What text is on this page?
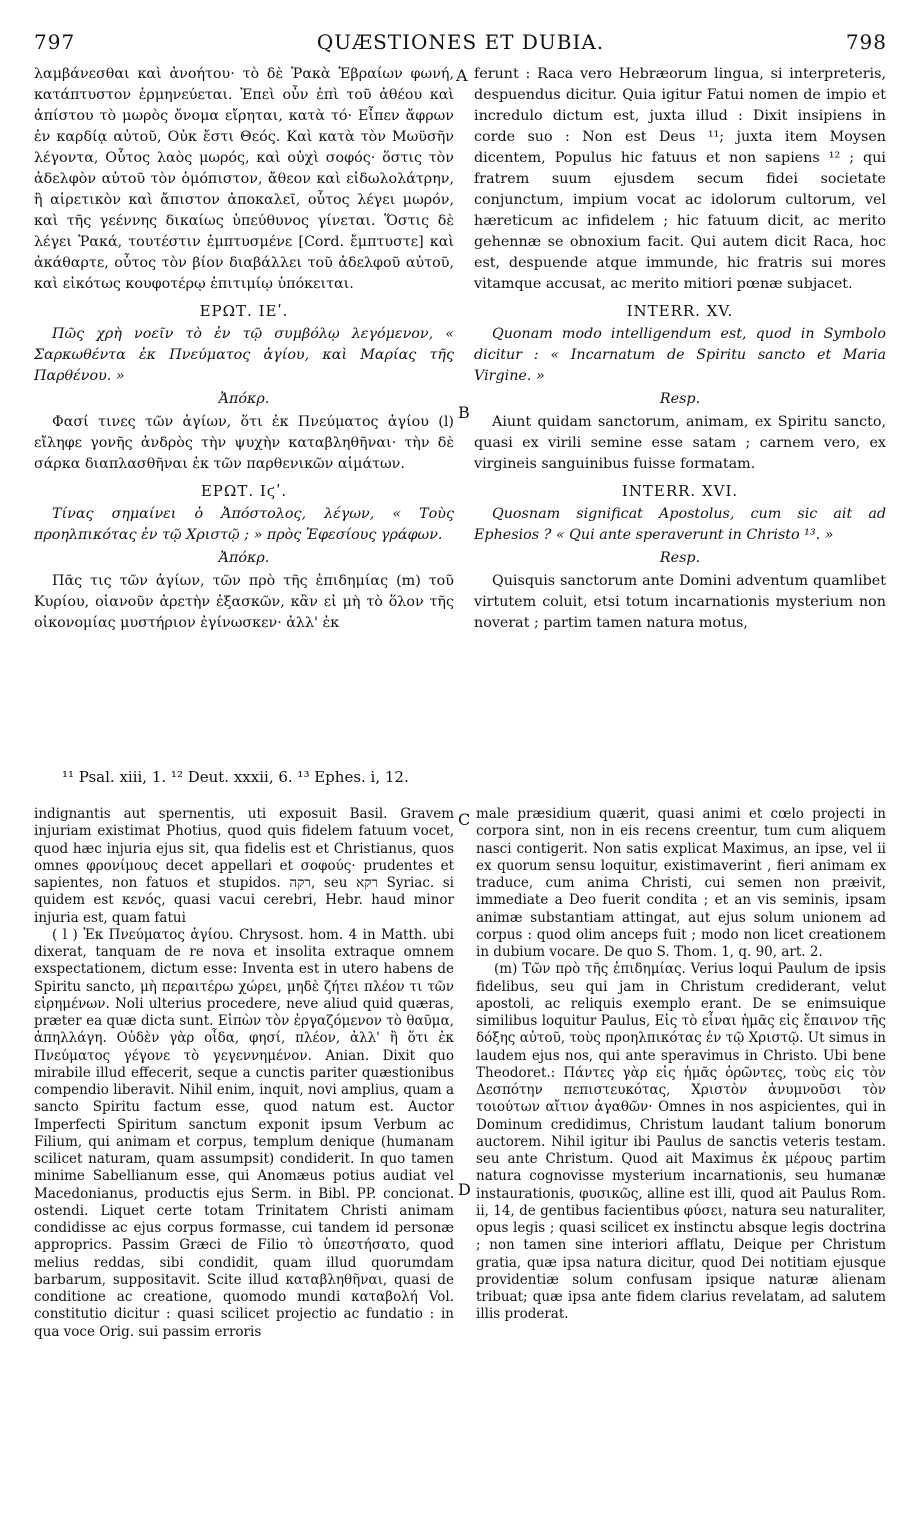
797	QUÆSTIONES ET DUBIA.	798

λαμβάνεσθαι καὶ ἀνοήτου· τὸ δὲ Ῥακὰ Ἑβραίων φωνή, κατάπτυστον ἑρμηνεύεται. Ἐπεὶ οὖν ἐπὶ τοῦ ἀθέου καὶ ἀπίστου τὸ μωρὸς ὄνομα εἴρηται, κατὰ τό· Εἶπεν ἄφρων ἐν καρδίᾳ αὐτοῦ, Οὐκ ἔστι Θεός. Καὶ κατὰ τὸν Μωϋσῆν λέγοντα, Οὗτος λαὸς μωρός, καὶ οὐχὶ σοφός· ὅστις τὸν ἀδελφὸν αὐτοῦ τὸν ὁμόπιστον, ἄθεον καὶ εἰδωλολάτρην, ἢ αἱρετικὸν καὶ ἄπιστον ἀποκαλεῖ, οὗτος λέγει μωρόν, καὶ τῆς γεέννης δικαίως ὑπεύθυνος γίνεται. Ὅστις δὲ λέγει Ῥακά, τουτέστιν ἐμπτυσμένε [Cord. ἔμπτυστε] καὶ ἀκάθαρτε, οὗτος τὸν βίον διαβάλλει τοῦ ἀδελφοῦ αὐτοῦ, καὶ εἰκότως κουφοτέρῳ ἐπιτιμίῳ ὑπόκειται.

ΕΡΩΤ. ΙΕʹ.

Πῶς χρὴ νοεῖν τὸ ἐν τῷ συμβόλῳ λεγόμενον, « Σαρκωθέντα ἐκ Πνεύματος ἁγίου, καὶ Μαρίας τῆς Παρθένου. »

Ἀπόκρ.

Φασί τινες τῶν ἁγίων, ὅτι ἐκ Πνεύματος ἁγίου (l) εἴληφε γονῆς ἀνδρὸς τὴν ψυχὴν καταβληθῆναι· τὴν δὲ σάρκα διαπλασθῆναι ἐκ τῶν παρθενικῶν αἱμάτων.

ΕΡΩΤ. Ιϛʹ.

Τίνας σημαίνει ὁ Ἀπόστολος, λέγων, « Τοὺς προηλπικότας ἐν τῷ Χριστῷ ; » πρὸς Ἐφεσίους γράφων.

Ἀπόκρ.

Πᾶς τις τῶν ἁγίων, τῶν πρὸ τῆς ἐπιδημίας (m) τοῦ Κυρίου, οἱανοῦν ἀρετὴν ἐξασκῶν, κἂν εἰ μὴ τὸ ὅλον τῆς οἰκονομίας μυστήριον ἐγίνωσκεν· ἀλλ' ἐκ

ferunt : Raca vero Hebræorum lingua, si interpreteris, despuendus dicitur. Quia igitur Fatui nomen de impio et incredulo dictum est, juxta illud : Dixit insipiens in corde suo : Non est Deus ¹¹; juxta item Moysen dicentem, Populus hic fatuus et non sapiens ¹² ; qui fratrem suum ejusdem secum fidei societate conjunctum, impium vocat ac idolorum cultorum, vel hæreticum ac infidelem ; hic fatuum dicit, ac merito gehennæ se obnoxium facit. Qui autem dicit Raca, hoc est, despuende atque immunde, hic fratris sui mores vitamque accusat, ac merito mitiori pœnæ subjacet.

INTERR. XV.

Quonam modo intelligendum est, quod in Symbolo dicitur : « Incarnatum de Spiritu sancto et Maria Virgine. »

Resp.

Aiunt quidam sanctorum, animam, ex Spiritu sancto, quasi ex virili semine esse satam ; carnem vero, ex virgineis sanguinibus fuisse formatam.

INTERR. XVI.

Quosnam significat Apostolus, cum sic ait ad Ephesios ? « Qui ante speraverunt in Christo ¹³. »

Resp.

Quisquis sanctorum ante Domini adventum quamlibet virtutem coluit, etsi totum incarnationis mysterium non noverat ; partim tamen natura motus,

A
B
C
D
¹¹ Psal. xiii, 1. ¹² Deut. xxxii, 6. ¹³ Ephes. i, 12.

indignantis aut spernentis, uti exposuit Basil. Gravem injuriam existimat Photius, quod quis fidelem fatuum vocet, quod hæc injuria ejus sit, qua fidelis est et Christianus, quos omnes φρονίμους decet appellari et σοφούς· prudentes et sapientes, non fatuos et stupidos. רקה, seu רקא Syriac. si quidem est κενός, quasi vacui cerebri, Hebr. haud minor injuria est, quam fatui

( l ) Ἐκ Πνεύματος ἁγίου. Chrysost. hom. 4 in Matth. ubi dixerat, tanquam de re nova et insolita extraque omnem exspectationem, dictum esse: Inventa est in utero habens de Spiritu sancto, μὴ περαιτέρω χώρει, μηδὲ ζήτει πλέον τι τῶν εἰρημένων. Noli ulterius procedere, neve aliud quid quæras, præter ea quæ dicta sunt. Εἰπὼν τὸν ἐργαζόμενον τὸ θαῦμα, ἀπηλλάγη. Οὐδὲν γὰρ οἶδα, φησί, πλέον, ἀλλ' ἢ ὅτι ἐκ Πνεύματος γέγονε τὸ γεγεννημένον. Anian. Dixit quo mirabile illud effecerit, seque a cunctis pariter quæstionibus compendio liberavit. Nihil enim, inquit, novi amplius, quam a sancto Spiritu factum esse, quod natum est. Auctor Imperfecti Spiritum sanctum exponit ipsum Verbum ac Filium, qui animam et corpus, templum denique (humanam scilicet naturam, quam assumpsit) condiderit. In quo tamen minime Sabellianum esse, qui Anomæus potius audiat vel Macedonianus, productis ejus Serm. in Bibl. PP. concionat. ostendi. Liquet certe totam Trinitatem Christi animam condidisse ac ejus corpus formasse, cui tandem id personæ approprics. Passim Græci de Filio τὸ ὑπεστήσατο, quod melius reddas, sibi condidit, quam illud quorumdam barbarum, suppositavit. Scite illud καταβληθῆναι, quasi de conditione ac creatione, quomodo mundi καταβολή Vol. constitutio dicitur : quasi scilicet projectio ac fundatio : in qua voce Orig. sui passim erroris

male præsidium quærit, quasi animi et cœlo projecti in corpora sint, non in eis recens creentur, tum cum aliquem nasci contigerit. Non satis explicat Maximus, an ipse, vel ii ex quorum sensu loquitur, existimaverint , fieri animam ex traduce, cum anima Christi, cui semen non præivit, immediate a Deo fuerit condita ; et an vis seminis, ipsam animæ substantiam attingat, aut ejus solum unionem ad corpus : quod olim anceps fuit ; modo non licet creationem in dubium vocare. De quo S. Thom. 1, q. 90, art. 2.

(m) Τῶν πρὸ τῆς ἐπιδημίας. Verius loqui Paulum de ipsis fidelibus, seu qui jam in Christum crediderant, velut apostoli, ac reliquis exemplo erant. De se enimsuique similibus loquitur Paulus, Εἰς τὸ εἶναι ἡμᾶς εἰς ἔπαινον τῆς δόξης αὐτοῦ, τοὺς προηλπικότας ἐν τῷ Χριστῷ. Ut simus in laudem ejus nos, qui ante speravimus in Christo. Ubi bene Theodoret.: Πάντες γὰρ εἰς ἡμᾶς ὁρῶντες, τοὺς εἰς τὸν Δεσπότην πεπιστευκότας, Χριστὸν ἀνυμνοῦσι τὸν τοιούτων αἴτιον ἀγαθῶν· Omnes in nos aspicientes, qui in Dominum credidimus, Christum laudant talium bonorum auctorem. Nihil igitur ibi Paulus de sanctis veteris testam. seu ante Christum. Quod ait Maximus ἐκ μέρους partim natura cognovisse mysterium incarnationis, seu humanæ instaurationis, φυσικῶς, alline est illi, quod ait Paulus Rom. ii, 14, de gentibus facientibus φύσει, natura seu naturaliter, opus legis ; quasi scilicet ex instinctu absque legis doctrina ; non tamen sine interiori afflatu, Deique per Christum gratia, quæ ipsa natura dicitur, quod Dei notitiam ejusque providentiæ solum confusam ipsique naturæ alienam tribuat; quæ ipsa ante fidem clarius revelatam, ad salutem illis proderat.
